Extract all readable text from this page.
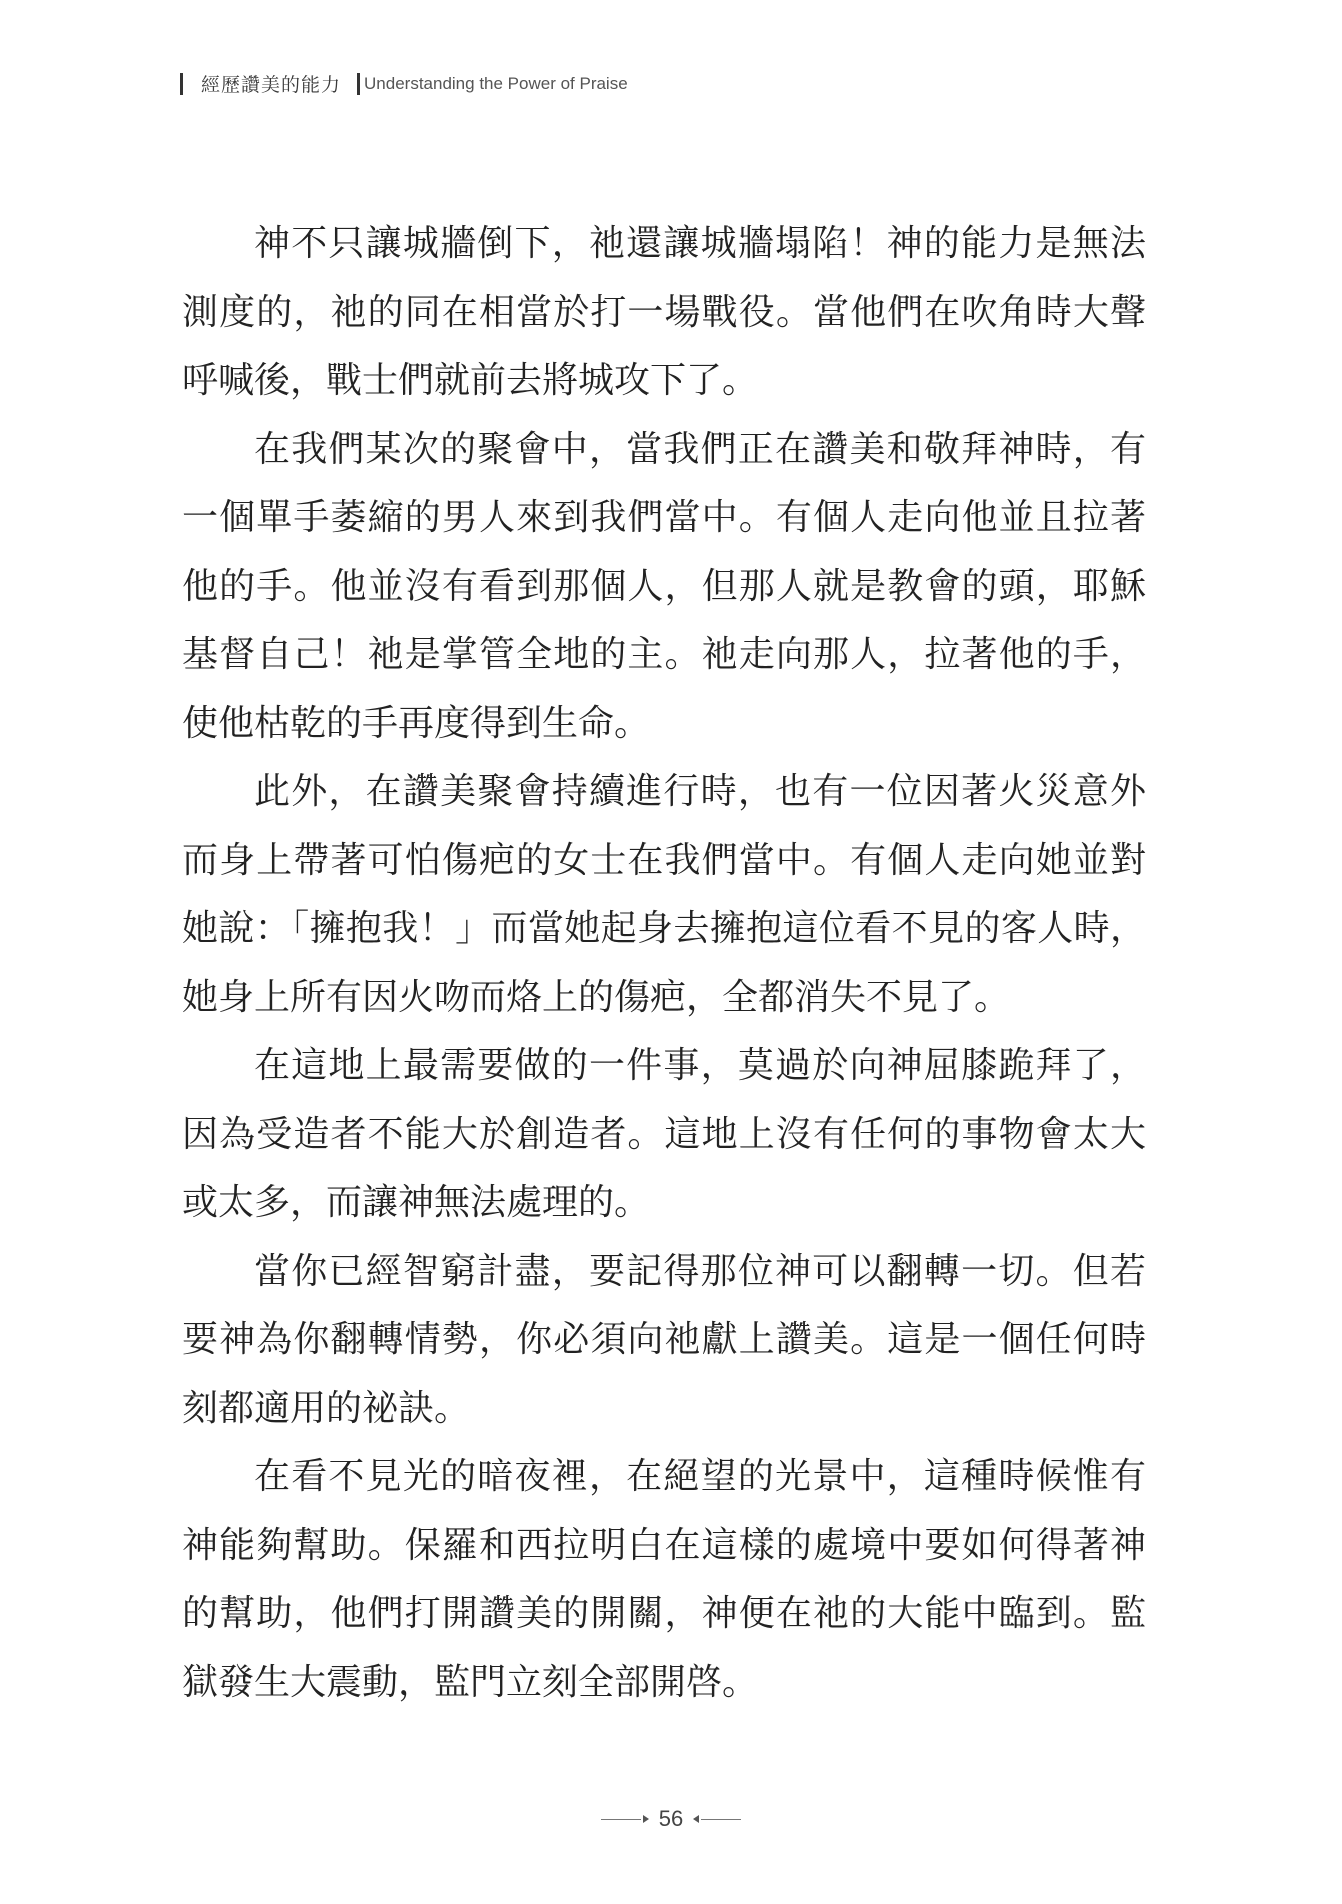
經歷讚美的能力 Understanding the Power of Praise

神不只讓城牆倒下，祂還讓城牆塌陷！神的能力是無法測度的，祂的同在相當於打一場戰役。當他們在吹角時大聲呼喊後，戰士們就前去將城攻下了。

在我們某次的聚會中，當我們正在讚美和敬拜神時，有一個單手萎縮的男人來到我們當中。有個人走向他並且拉著他的手。他並沒有看到那個人，但那人就是教會的頭，耶穌基督自己！祂是掌管全地的主。祂走向那人，拉著他的手，使他枯乾的手再度得到生命。

此外，在讚美聚會持續進行時，也有一位因著火災意外而身上帶著可怕傷疤的女士在我們當中。有個人走向她並對她說：「擁抱我！」而當她起身去擁抱這位看不見的客人時，她身上所有因火吻而烙上的傷疤，全都消失不見了。

在這地上最需要做的一件事，莫過於向神屈膝跪拜了，因為受造者不能大於創造者。這地上沒有任何的事物會太大或太多，而讓神無法處理的。

當你已經智窮計盡，要記得那位神可以翻轉一切。但若要神為你翻轉情勢，你必須向祂獻上讚美。這是一個任何時刻都適用的祕訣。

在看不見光的暗夜裡，在絕望的光景中，這種時候惟有神能夠幫助。保羅和西拉明白在這樣的處境中要如何得著神的幫助，他們打開讚美的開關，神便在祂的大能中臨到。監獄發生大震動，監門立刻全部開啓。

56
